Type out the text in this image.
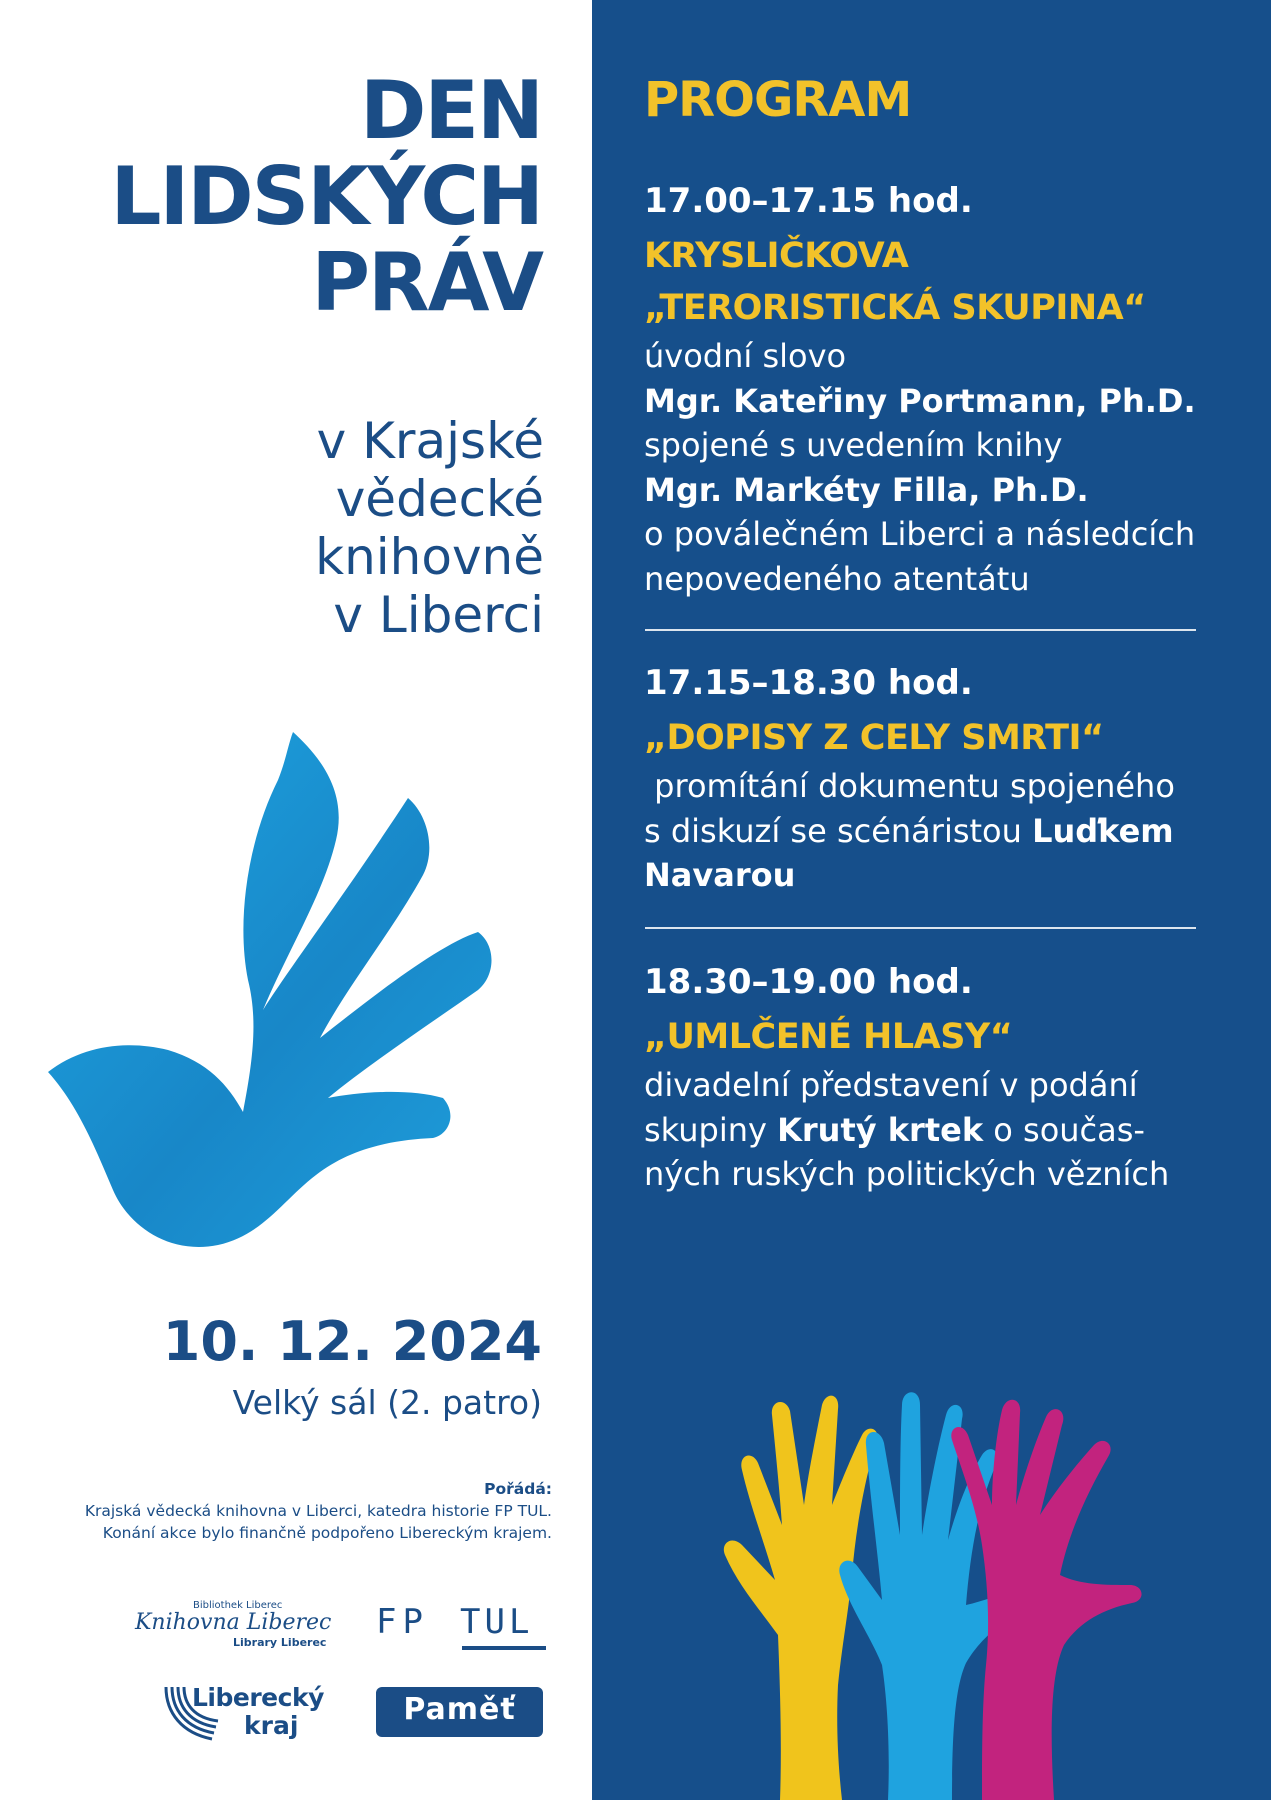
DEN
LIDSKÝCH
PRÁV
v Krajské
vědecké
knihovně
v Liberci
10. 12. 2024
Velký sál (2. patro)
Pořádá:
Krajská vědecká knihovna v Liberci, katedra historie FP TUL.
Konání akce bylo finančně podpořeno Libereckým krajem.
Bibliothek Liberec
Knihovna Liberec
Library Liberec
FP TUL
Liberecký
kraj	Paměť
PROGRAM
17.00–17.15 hod.
KRYSLIČKOVA
„TERORISTICKÁ SKUPINA“
úvodní slovo
Mgr. Kateřiny Portmann, Ph.D.
spojené s uvedením knihy
Mgr. Markéty Filla, Ph.D.
o poválečném Liberci a následcích
nepovedeného atentátu
17.15–18.30 hod.
„DOPISY Z CELY SMRTI“
promítání dokumentu spojeného
s diskuzí se scénáristou Luďkem
Navarou
18.30–19.00 hod.
„UMLČENÉ HLASY“
divadelní představení v podání
skupiny Krutý krtek o součas-
ných ruských politických vězních
